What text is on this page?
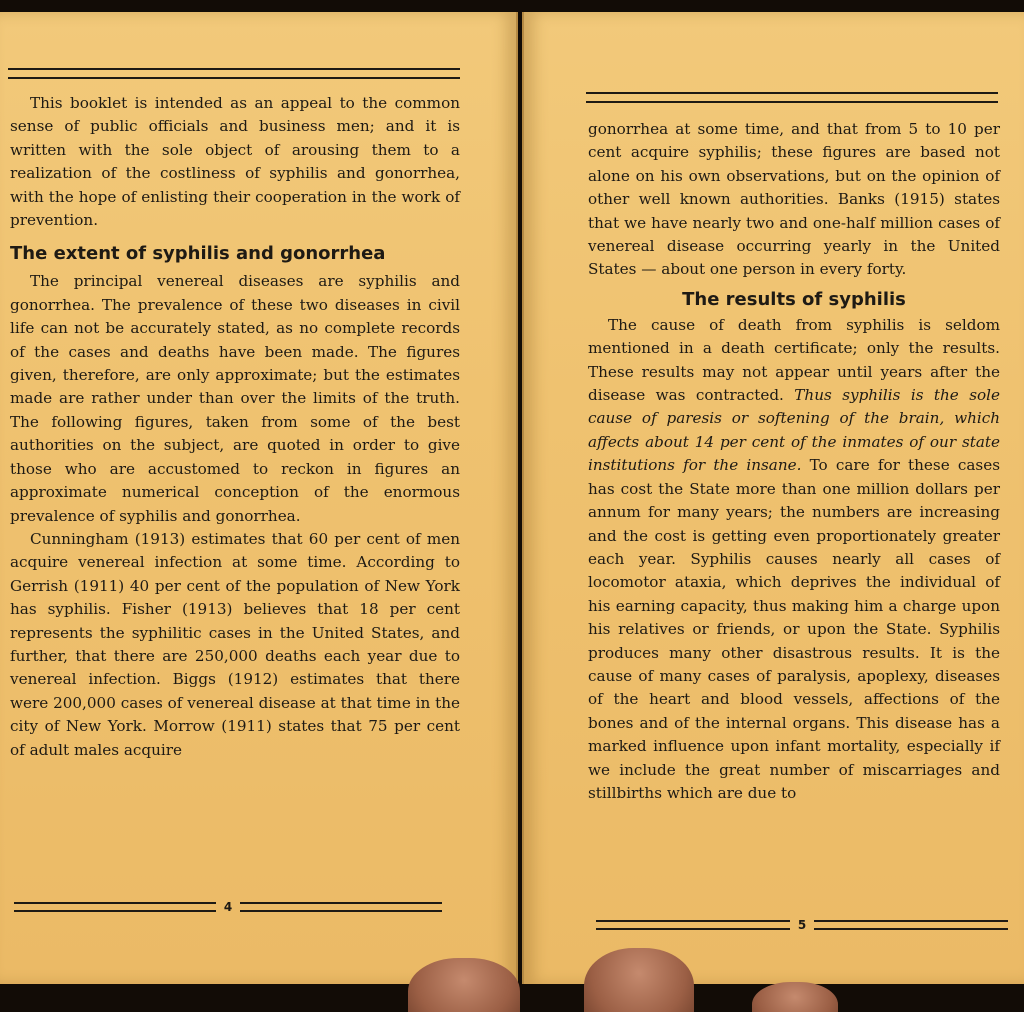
This booklet is intended as an appeal to the common sense of public officials and business men; and it is written with the sole object of arousing them to a realization of the costliness of syphilis and gonorrhea, with the hope of enlisting their cooperation in the work of prevention.

The extent of syphilis and gonorrhea

The principal venereal diseases are syphilis and gonorrhea. The prevalence of these two diseases in civil life can not be accurately stated, as no complete records of the cases and deaths have been made. The figures given, therefore, are only approximate; but the estimates made are rather under than over the limits of the truth. The following figures, taken from some of the best authorities on the subject, are quoted in order to give those who are accustomed to reckon in figures an approximate numerical conception of the enormous prevalence of syphilis and gonorrhea.

Cunningham (1913) estimates that 60 per cent of men acquire venereal infection at some time. According to Gerrish (1911) 40 per cent of the population of New York has syphilis. Fisher (1913) believes that 18 per cent represents the syphilitic cases in the United States, and further, that there are 250,000 deaths each year due to venereal infection. Biggs (1912) estimates that there were 200,000 cases of venereal disease at that time in the city of New York. Morrow (1911) states that 75 per cent of adult males acquire

4

gonorrhea at some time, and that from 5 to 10 per cent acquire syphilis; these figures are based not alone on his own observations, but on the opinion of other well known authorities. Banks (1915) states that we have nearly two and one-half million cases of venereal disease occurring yearly in the United States — about one person in every forty.

The results of syphilis

The cause of death from syphilis is seldom mentioned in a death certificate; only the results. These results may not appear until years after the disease was contracted. Thus syphilis is the sole cause of paresis or softening of the brain, which affects about 14 per cent of the inmates of our state institutions for the insane. To care for these cases has cost the State more than one million dollars per annum for many years; the numbers are increasing and the cost is getting even proportionately greater each year. Syphilis causes nearly all cases of locomotor ataxia, which deprives the individual of his earning capacity, thus making him a charge upon his relatives or friends, or upon the State. Syphilis produces many other disastrous results. It is the cause of many cases of paralysis, apoplexy, diseases of the heart and blood vessels, affections of the bones and of the internal organs. This disease has a marked influence upon infant mortality, especially if we include the great number of miscarriages and stillbirths which are due to

5
